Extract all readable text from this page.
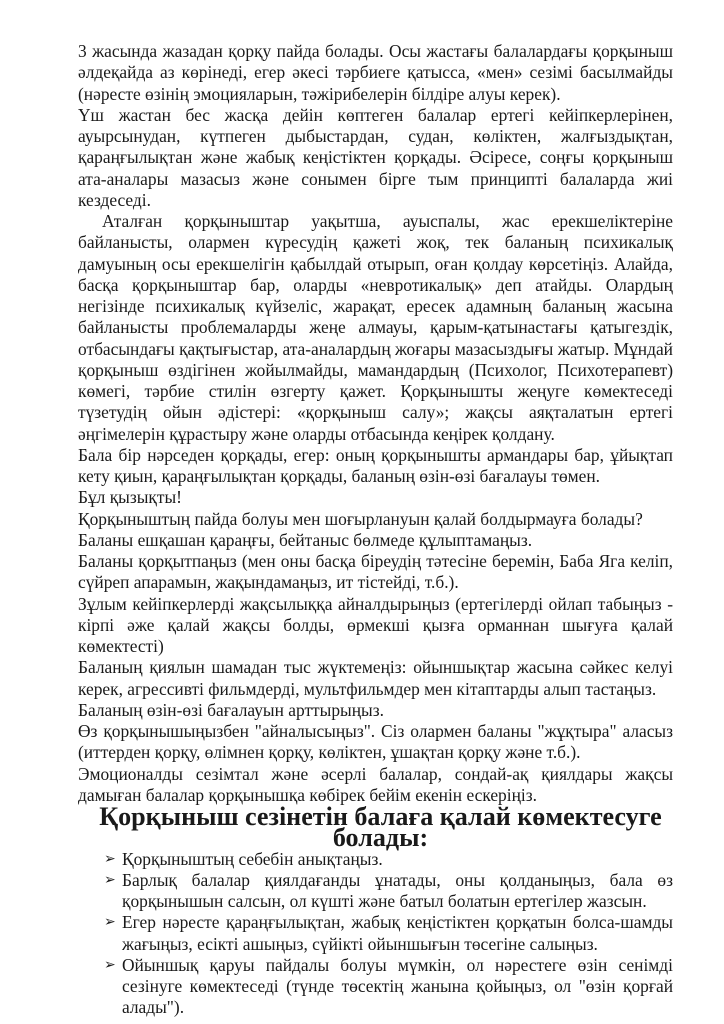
3 жасында жазадан қорқу пайда болады. Осы жастағы балалардағы қорқыныш әлдеқайда аз көрінеді, егер әкесі тәрбиеге қатысса, «мен» сезімі басылмайды (нәресте өзінің эмоцияларын, тәжірибелерін білдіре алуы керек).

Үш жастан бес жасқа дейін көптеген балалар ертегі кейіпкерлерінен, ауырсынудан, күтпеген дыбыстардан, судан, көліктен, жалғыздықтан, қараңғылықтан және жабық кеңістіктен қорқады. Әсіресе, соңғы қорқыныш ата-аналары мазасыз және сонымен бірге тым принципті балаларда жиі кездеседі.

Аталған қорқыныштар уақытша, ауыспалы, жас ерекшеліктеріне байланысты, олармен күресудің қажеті жоқ, тек баланың психикалық дамуының осы ерекшелігін қабылдай отырып, оған қолдау көрсетіңіз. Алайда, басқа қорқыныштар бар, оларды «невротикалық» деп атайды. Олардың негізінде психикалық күйзеліс, жарақат, ересек адамның баланың жасына байланысты проблемаларды жеңе алмауы, қарым-қатынастағы қатыгездік, отбасындағы қақтығыстар, ата-аналардың жоғары мазасыздығы жатыр. Мұндай қорқыныш өздігінен жойылмайды, мамандардың (Психолог, Психотерапевт) көмегі, тәрбие стилін өзгерту қажет. Қорқынышты жеңуге көмектеседі түзетудің ойын әдістері: «қорқыныш салу»; жақсы аяқталатын ертегі әңгімелерін құрастыру және оларды отбасында кеңірек қолдану.

Бала бір нәрседен қорқады, егер: оның қорқынышты армандары бар, ұйықтап кету қиын, қараңғылықтан қорқады, баланың өзін-өзі бағалауы төмен.

Бұл қызықты!

Қорқыныштың пайда болуы мен шоғырлануын қалай болдырмауға болады?

Баланы ешқашан қараңғы, бейтаныс бөлмеде құлыптамаңыз.

Баланы қорқытпаңыз (мен оны басқа біреудің тәтесіне беремін, Баба Яга келіп, сүйреп апарамын, жақындамаңыз, ит тістейді, т.б.).

Зұлым кейіпкерлерді жақсылыққа айналдырыңыз (ертегілерді ойлап табыңыз - кірпі әже қалай жақсы болды, өрмекші қызға орманнан шығуға қалай көмектесті)

Баланың қиялын шамадан тыс жүктемеңіз: ойыншықтар жасына сәйкес келуі керек, агрессивті фильмдерді, мультфильмдер мен кітаптарды алып тастаңыз.

Баланың өзін-өзі бағалауын арттырыңыз.

Өз қорқынышыңызбен "айналысыңыз". Сіз олармен баланы "жұқтыра" аласыз (иттерден қорқу, өлімнен қорқу, көліктен, ұшақтан қорқу және т.б.).

Эмоционалды сезімтал және әсерлі балалар, сондай-ақ қиялдары жақсы дамыған балалар қорқынышқа көбірек бейім екенін ескеріңіз.

Қорқыныш сезінетін балаға қалай көмектесуге болады:
➢ Қорқыныштың себебін анықтаңыз.
➢ Барлық балалар қиялдағанды ұнатады, оны қолданыңыз, бала өз қорқынышын салсын, ол күшті және батыл болатын ертегілер жазсын.
➢ Егер нәресте қараңғылықтан, жабық кеңістіктен қорқатын болса-шамды жағыңыз, есікті ашыңыз, сүйікті ойыншығын төсегіне салыңыз.
➢ Ойыншық қаруы пайдалы болуы мүмкін, ол нәрестеге өзін сенімді сезінуге көмектеседі (түнде төсектің жанына қойыңыз, ол "өзін қорғай алады").
